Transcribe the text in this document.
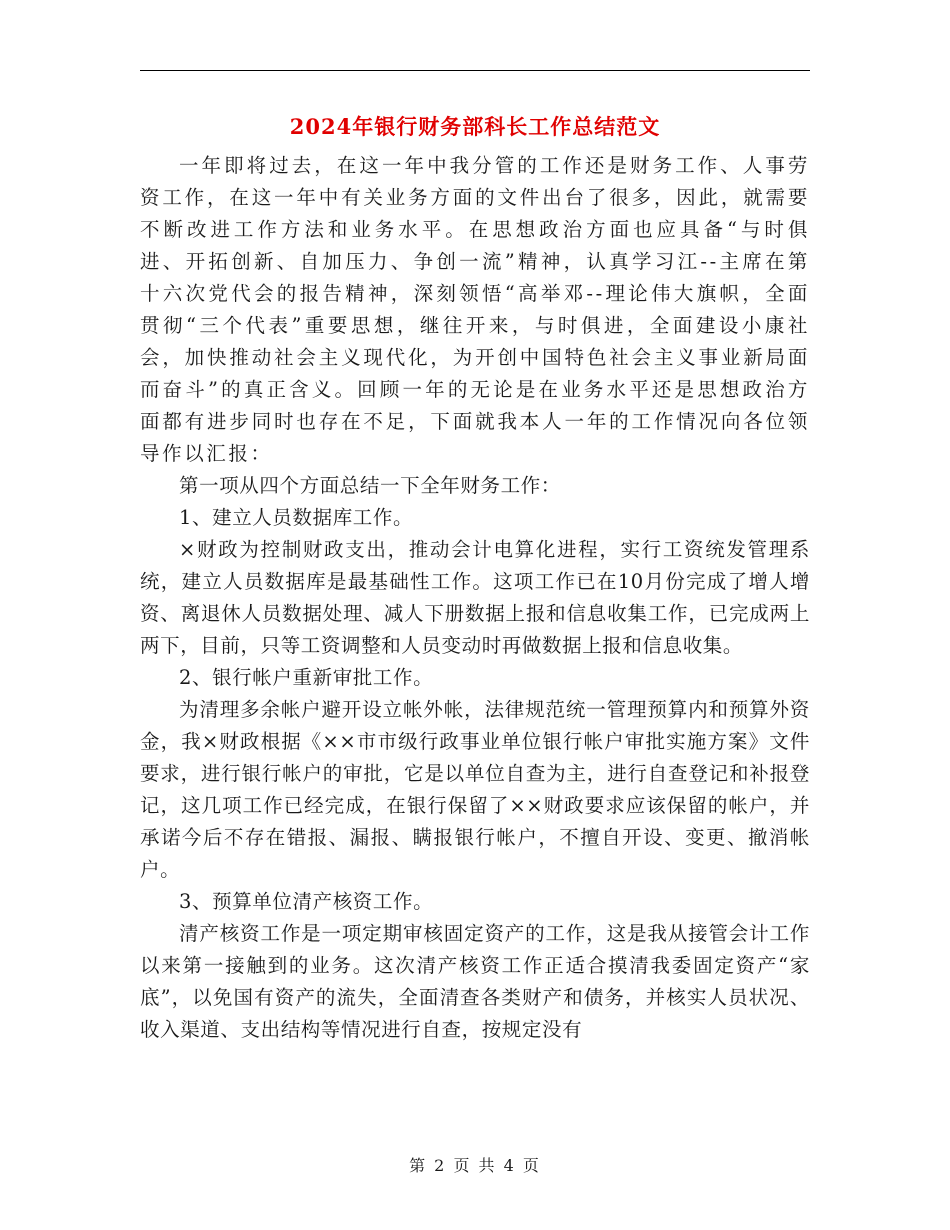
2024年银行财务部科长工作总结范文

一年即将过去，在这一年中我分管的工作还是财务工作、人事劳资工作，在这一年中有关业务方面的文件出台了很多，因此，就需要不断改进工作方法和业务水平。在思想政治方面也应具备“与时俱进、开拓创新、自加压力、争创一流”精神，认真学习江--主席在第十六次党代会的报告精神，深刻领悟“高举邓--理论伟大旗帜，全面贯彻“三个代表”重要思想，继往开来，与时俱进，全面建设小康社会，加快推动社会主义现代化，为开创中国特色社会主义事业新局面而奋斗”的真正含义。回顾一年的无论是在业务水平还是思想政治方面都有进步同时也存在不足，下面就我本人一年的工作情况向各位领导作以汇报：

第一项从四个方面总结一下全年财务工作：

1、建立人员数据库工作。

×财政为控制财政支出，推动会计电算化进程，实行工资统发管理系统，建立人员数据库是最基础性工作。这项工作已在10月份完成了增人增资、离退休人员数据处理、减人下册数据上报和信息收集工作，已完成两上两下，目前，只等工资调整和人员变动时再做数据上报和信息收集。

2、银行帐户重新审批工作。

为清理多余帐户避开设立帐外帐，法律规范统一管理预算内和预算外资金，我×财政根据《××市市级行政事业单位银行帐户审批实施方案》文件要求，进行银行帐户的审批，它是以单位自查为主，进行自查登记和补报登记，这几项工作已经完成，在银行保留了××财政要求应该保留的帐户，并承诺今后不存在错报、漏报、瞒报银行帐户，不擅自开设、变更、撤消帐户。

3、预算单位清产核资工作。

清产核资工作是一项定期审核固定资产的工作，这是我从接管会计工作以来第一接触到的业务。这次清产核资工作正适合摸清我委固定资产“家底”，以免国有资产的流失，全面清查各类财产和债务，并核实人员状况、收入渠道、支出结构等情况进行自查，按规定没有

第 2 页 共 4 页
